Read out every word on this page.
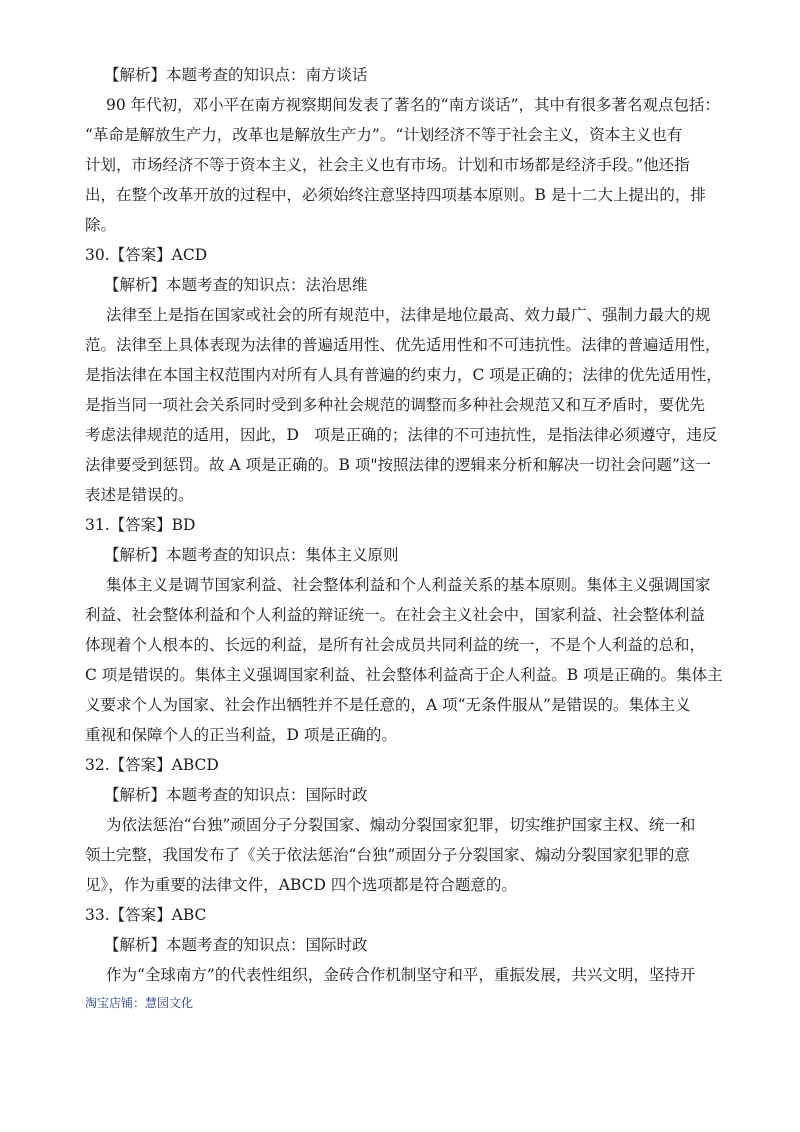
【解析】本题考查的知识点：南方谈话
90 年代初，邓小平在南方视察期间发表了著名的“南方谈话”，其中有很多著名观点包括：
“革命是解放生产力，改革也是解放生产力”。“计划经济不等于社会主义，资本主义也有
计划，市场经济不等于资本主义，社会主义也有市场。计划和市场都是经济手段。”他还指
出，在整个改革开放的过程中，必须始终注意坚持四项基本原则。B 是十二大上提出的，排
除。
30.【答案】ACD
【解析】本题考查的知识点：法治思维
法律至上是指在国家或社会的所有规范中，法律是地位最高、效力最广、强制力最大的规
范。法律至上具体表现为法律的普遍适用性、优先适用性和不可违抗性。法律的普遍适用性，
是指法律在本国主权范围内对所有人具有普遍的约束力，C 项是正确的；法律的优先适用性，
是指当同一项社会关系同时受到多种社会规范的调整而多种社会规范又和互矛盾时，要优先
考虑法律规范的适用，因此，D　项是正确的；法律的不可违抗性，是指法律必须遵守，违反
法律要受到惩罚。故 A 项是正确的。B 项"按照法律的逻辑来分析和解决一切社会问题”这一
表述是错误的。
31.【答案】BD
【解析】本题考查的知识点：集体主义原则
集体主义是调节国家利益、社会整体利益和个人利益关系的基本原则。集体主义强调国家
利益、社会整体利益和个人利益的辩证统一。在社会主义社会中，国家利益、社会整体利益
体现着个人根本的、长远的利益，是所有社会成员共同利益的统一，不是个人利益的总和，
C 项是错误的。集体主义强调国家利益、社会整体利益高于企人利益。B 项是正确的。集体主
义要求个人为国家、社会作出牺牲并不是任意的，A 项“无条件服从”是错误的。集体主义
重视和保障个人的正当利益，D 项是正确的。
32.【答案】ABCD
【解析】本题考查的知识点：国际时政
为依法惩治“台独”顽固分子分裂国家、煽动分裂国家犯罪，切实维护国家主权、统一和
领土完整，我国发布了《关于依法惩治“台独”顽固分子分裂国家、煽动分裂国家犯罪的意
见》，作为重要的法律文件，ABCD 四个选项都是符合题意的。
33.【答案】ABC
【解析】本题考查的知识点：国际时政
作为“全球南方”的代表性组织，金砖合作机制坚守和平，重振发展，共兴文明，坚持开
淘宝店铺：慧园文化
